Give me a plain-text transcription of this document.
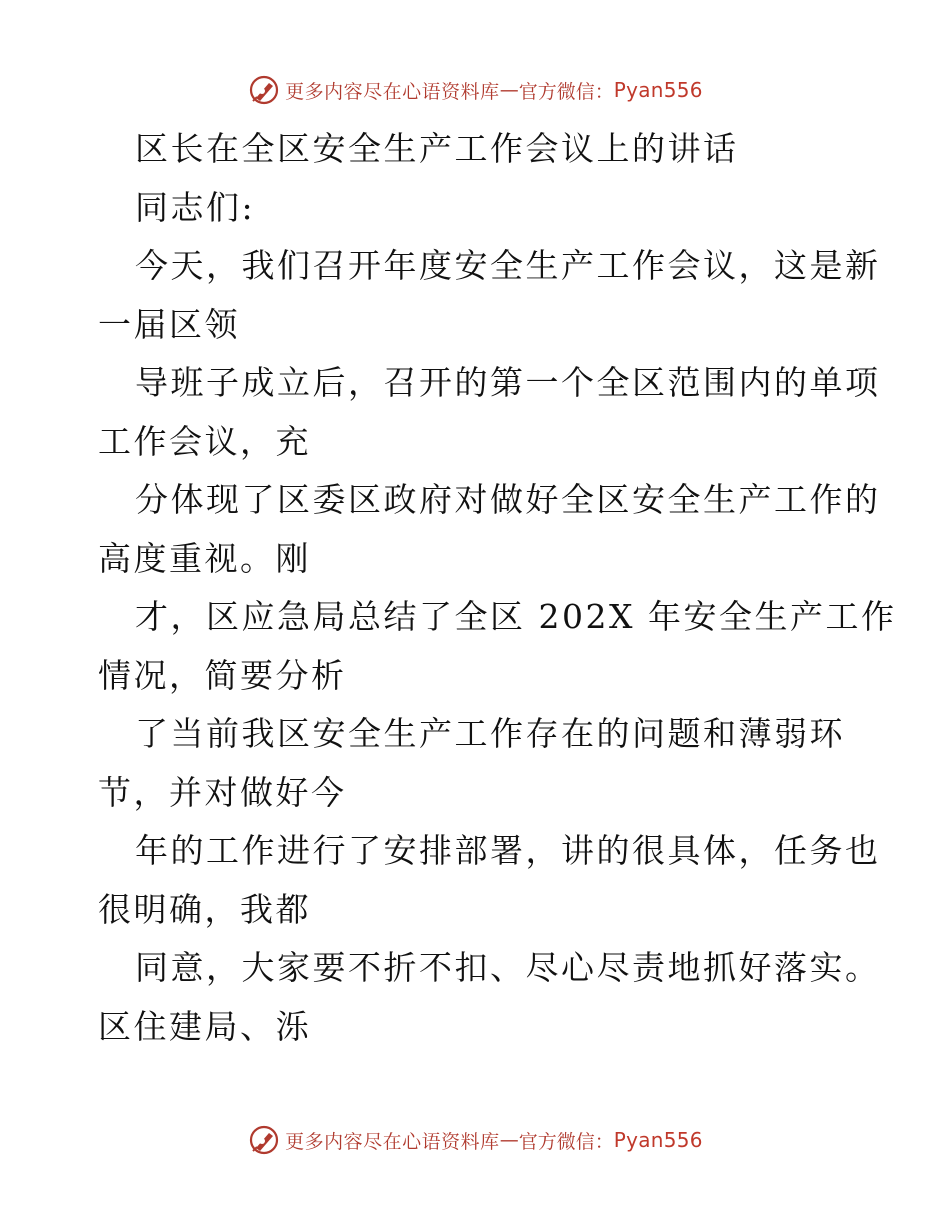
更多内容尽在心语资料库 — 官方微信： Pyan556
区长在全区安全生产工作会议上的讲话
同志们:
今天，我们召开年度安全生产工作会议，这是新
一届区领
导班子成立后，召开的第一个全区范围内的单项
工作会议，充
分体现了区委区政府对做好全区安全生产工作的
高度重视。刚
才，区应急局总结了全区 202X 年安全生产工作
情况，简要分析
了当前我区安全生产工作存在的问题和薄弱环
节，并对做好今
年的工作进行了安排部署，讲的很具体，任务也
很明确，我都
同意，大家要不折不扣、尽心尽责地抓好落实。
区住建局、泺
更多内容尽在心语资料库 — 官方微信： Pyan556
